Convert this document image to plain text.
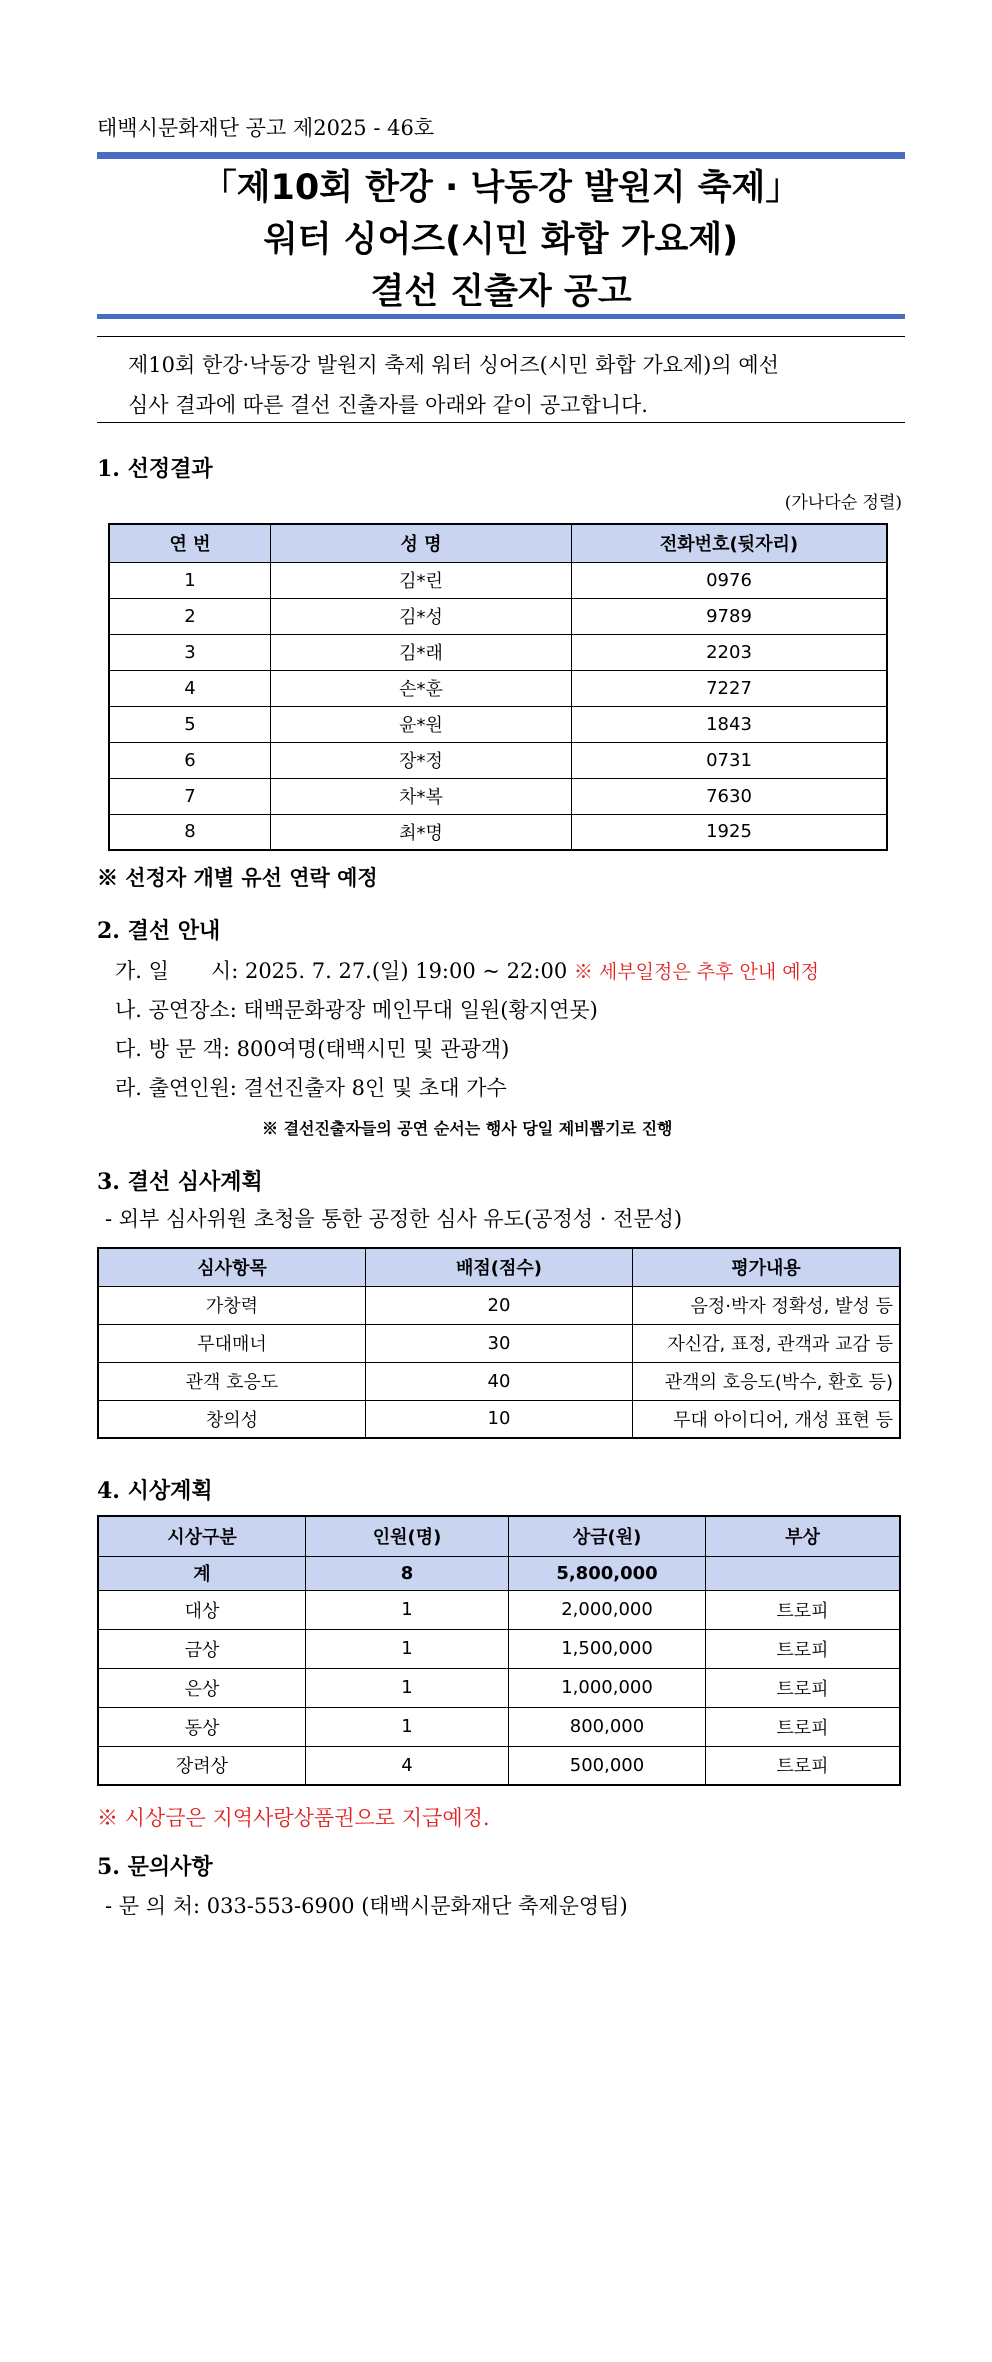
태백시문화재단 공고 제2025 - 46호
「제10회 한강 · 낙동강 발원지 축제」
워터 싱어즈(시민 화합 가요제)
결선 진출자 공고
제10회 한강·낙동강 발원지 축제 워터 싱어즈(시민 화합 가요제)의 예선
심사 결과에 따른 결선 진출자를 아래와 같이 공고합니다.
1. 선정결과
(가나다순 정렬)
연 번	성 명	전화번호(뒷자리)
1	김*린	0976
2	김*성	9789
3	김*래	2203
4	손*훈	7227
5	윤*원	1843
6	장*정	0731
7	차*복	7630
8	최*명	1925
※ 선정자 개별 유선 연락 예정
2. 결선 안내
가. 일　　시: 2025. 7. 27.(일) 19:00 ~ 22:00 ※ 세부일정은 추후 안내 예정
나. 공연장소: 태백문화광장 메인무대 일원(황지연못)
다. 방 문 객: 800여명(태백시민 및 관광객)
라. 출연인원: 결선진출자 8인 및 초대 가수
※ 결선진출자들의 공연 순서는 행사 당일 제비뽑기로 진행
3. 결선 심사계획
- 외부 심사위원 초청을 통한 공정한 심사 유도(공정성 · 전문성)
심사항목	배점(점수)	평가내용
가창력	20	음정·박자 정확성, 발성 등
무대매너	30	자신감, 표정, 관객과 교감 등
관객 호응도	40	관객의 호응도(박수, 환호 등)
창의성	10	무대 아이디어, 개성 표현 등
4. 시상계획
시상구분	인원(명)	상금(원)	부상
계	8	5,800,000	
대상	1	2,000,000	트로피
금상	1	1,500,000	트로피
은상	1	1,000,000	트로피
동상	1	800,000	트로피
장려상	4	500,000	트로피
※ 시상금은 지역사랑상품권으로 지급예정.
5. 문의사항
- 문 의 처: 033-553-6900 (태백시문화재단 축제운영팀)
